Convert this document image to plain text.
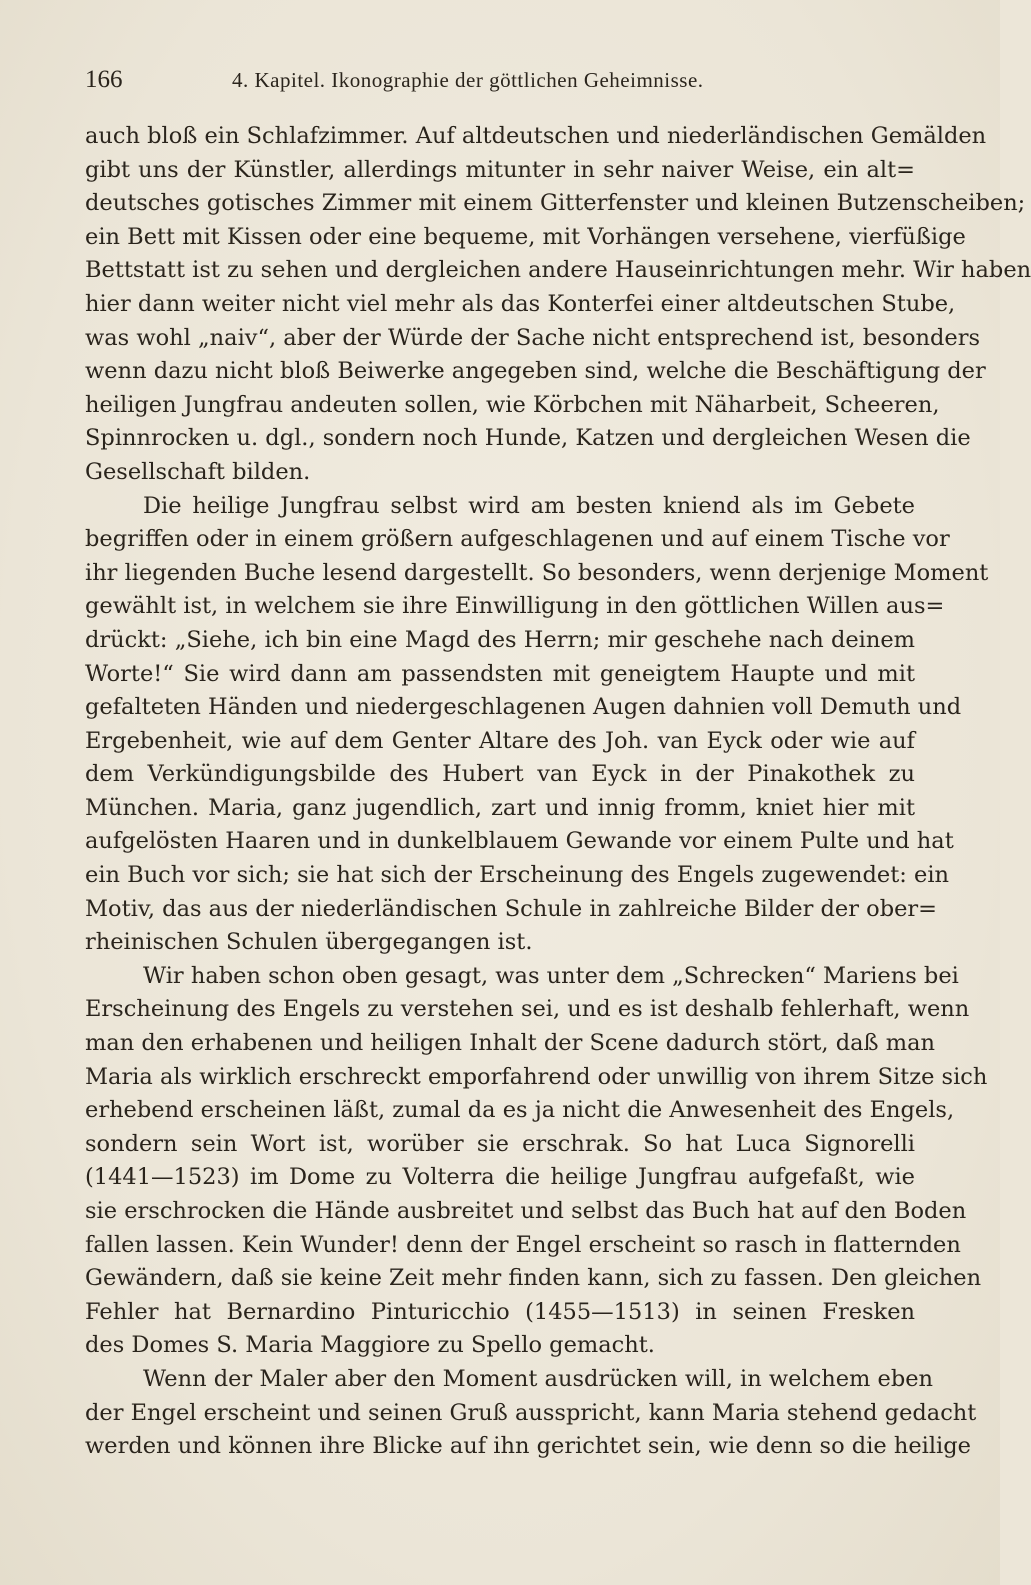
166	4. Kapitel. Ikonographie der göttlichen Geheimnisse.

auch bloß ein Schlafzimmer. Auf altdeutschen und niederländischen Gemälden
gibt uns der Künstler, allerdings mitunter in sehr naiver Weise, ein alt=
deutsches gotisches Zimmer mit einem Gitterfenster und kleinen Butzenscheiben;
ein Bett mit Kissen oder eine bequeme, mit Vorhängen versehene, vierfüßige
Bettstatt ist zu sehen und dergleichen andere Hauseinrichtungen mehr. Wir haben
hier dann weiter nicht viel mehr als das Konterfei einer altdeutschen Stube,
was wohl „naiv“, aber der Würde der Sache nicht entsprechend ist, besonders
wenn dazu nicht bloß Beiwerke angegeben sind, welche die Beschäftigung der
heiligen Jungfrau andeuten sollen, wie Körbchen mit Näharbeit, Scheeren,
Spinnrocken u. dgl., sondern noch Hunde, Katzen und dergleichen Wesen die
Gesellschaft bilden.

Die heilige Jungfrau selbst wird am besten kniend als im Gebete
begriffen oder in einem größern aufgeschlagenen und auf einem Tische vor
ihr liegenden Buche lesend dargestellt. So besonders, wenn derjenige Moment
gewählt ist, in welchem sie ihre Einwilligung in den göttlichen Willen aus=
drückt: „Siehe, ich bin eine Magd des Herrn; mir geschehe nach deinem
Worte!“ Sie wird dann am passendsten mit geneigtem Haupte und mit
gefalteten Händen und niedergeschlagenen Augen dahnien voll Demuth und
Ergebenheit, wie auf dem Genter Altare des Joh. van Eyck oder wie auf
dem Verkündigungsbilde des Hubert van Eyck in der Pinakothek zu
München. Maria, ganz jugendlich, zart und innig fromm, kniet hier mit
aufgelösten Haaren und in dunkelblauem Gewande vor einem Pulte und hat
ein Buch vor sich; sie hat sich der Erscheinung des Engels zugewendet: ein
Motiv, das aus der niederländischen Schule in zahlreiche Bilder der ober=
rheinischen Schulen übergegangen ist.

Wir haben schon oben gesagt, was unter dem „Schrecken“ Mariens bei
Erscheinung des Engels zu verstehen sei, und es ist deshalb fehlerhaft, wenn
man den erhabenen und heiligen Inhalt der Scene dadurch stört, daß man
Maria als wirklich erschreckt emporfahrend oder unwillig von ihrem Sitze sich
erhebend erscheinen läßt, zumal da es ja nicht die Anwesenheit des Engels,
sondern sein Wort ist, worüber sie erschrak. So hat Luca Signorelli
(1441—1523) im Dome zu Volterra die heilige Jungfrau aufgefaßt, wie
sie erschrocken die Hände ausbreitet und selbst das Buch hat auf den Boden
fallen lassen. Kein Wunder! denn der Engel erscheint so rasch in flatternden
Gewändern, daß sie keine Zeit mehr finden kann, sich zu fassen. Den gleichen
Fehler hat Bernardino Pinturicchio (1455—1513) in seinen Fresken
des Domes S. Maria Maggiore zu Spello gemacht.

Wenn der Maler aber den Moment ausdrücken will, in welchem eben
der Engel erscheint und seinen Gruß ausspricht, kann Maria stehend gedacht
werden und können ihre Blicke auf ihn gerichtet sein, wie denn so die heilige
